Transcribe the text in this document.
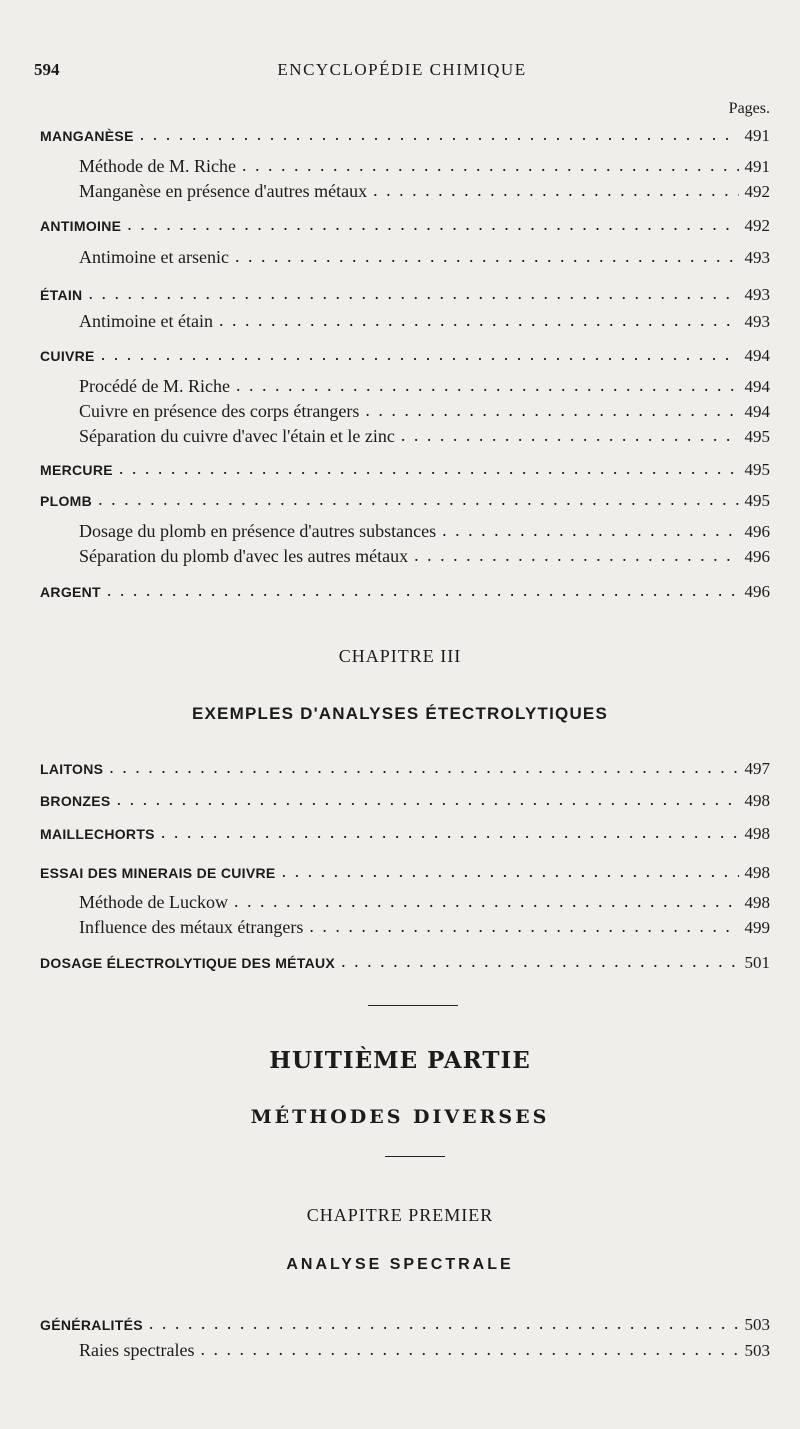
594	ENCYCLOPÉDIE CHIMIQUE
Pages.
MANGANÈSE . . .	491
Méthode de M. Riche . . .	491
Manganèse en présence d'autres métaux . . .	492
ANTIMOINE . . .	492
Antimoine et arsenic . . .	493
ÉTAIN . . .	493
Antimoine et étain . . .	493
CUIVRE . . .	494
Procédé de M. Riche . . .	494
Cuivre en présence des corps étrangers . . .	494
Séparation du cuivre d'avec l'étain et le zinc . . .	495
MERCURE . . .	495
PLOMB . . .	495
Dosage du plomb en présence d'autres substances . . .	496
Séparation du plomb d'avec les autres métaux . . .	496
ARGENT . . .	496
CHAPITRE III
EXEMPLES D'ANALYSES ÉTECTROLYTIQUES
LAITONS . . .	497
BRONZES . . .	498
MAILLECHORTS . . .	498
ESSAI DES MINERAIS DE CUIVRE . . .	498
Méthode de Luckow . . .	498
Influence des métaux étrangers . . .	499
DOSAGE ÉLECTROLYTIQUE DES MÉTAUX . . .	501
HUITIÈME PARTIE
MÉTHODES DIVERSES
CHAPITRE PREMIER
ANALYSE SPECTRALE
GÉNÉRALITÉS . . .	503
Raies spectrales . . .	503
